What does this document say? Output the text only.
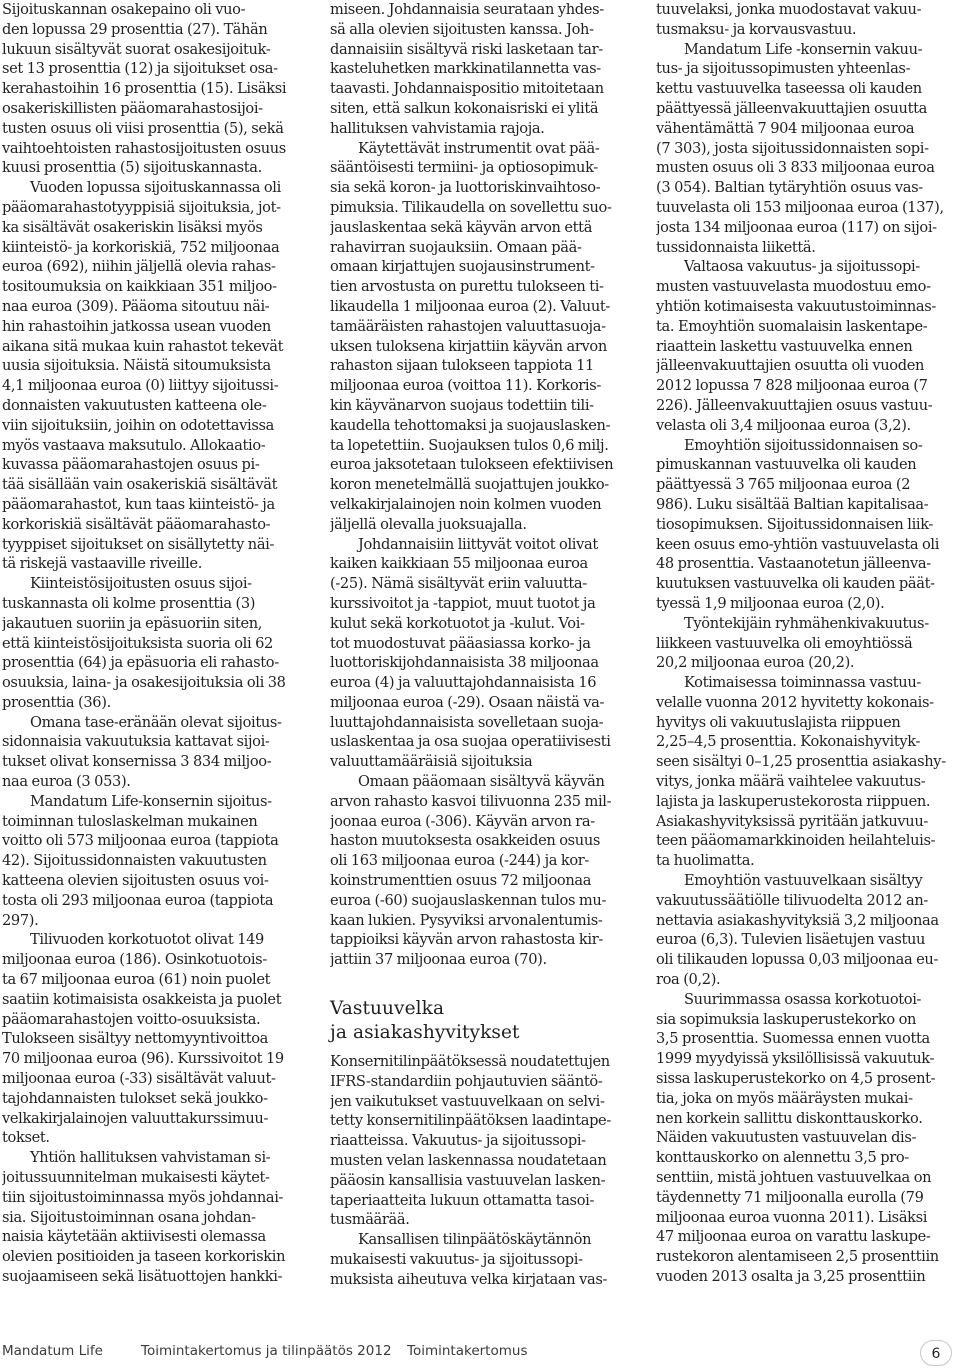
Sijoituskannan osakepaino oli vuo-
den lopussa 29 prosenttia (27). Tähän
lukuun sisältyvät suorat osakesijoituk-
set 13 prosenttia (12) ja sijoitukset osa-
kerahastoihin 16 prosenttia (15). Lisäksi
osakeriskillisten pääomarahastosijoi-
tusten osuus oli viisi prosenttia (5), sekä
vaihtoehtoisten rahastosijoitusten osuus
kuusi prosenttia (5) sijoituskannasta.

Vuoden lopussa sijoituskannassa oli
pääomarahastotyyppisiä sijoituksia, jot-
ka sisältävät osakeriskin lisäksi myös
kiinteistö- ja korkoriskiä, 752 miljoonaa
euroa (692), niihin jäljellä olevia rahas-
tositoumuksia on kaikkiaan 351 miljoo-
naa euroa (309). Pääoma sitoutuu näi-
hin rahastoihin jatkossa usean vuoden
aikana sitä mukaa kuin rahastot tekevät
uusia sijoituksia. Näistä sitoumuksista
4,1 miljoonaa euroa (0) liittyy sijoitussi-
donnaisten vakuutusten katteena ole-
viin sijoituksiin, joihin on odotettavissa
myös vastaava maksutulo. Allokaatio-
kuvassa pääomarahastojen osuus pi-
tää sisällään vain osakeriskiä sisältävät
pääomarahastot, kun taas kiinteistö- ja
korkoriskiä sisältävät pääomarahasto-
tyyppiset sijoitukset on sisällytetty näi-
tä riskejä vastaaville riveille.

Kiinteistösijoitusten osuus sijoi-
tuskannasta oli kolme prosenttia (3)
jakautuen suoriin ja epäsuoriin siten,
että kiinteistösijoituksista suoria oli 62
prosenttia (64) ja epäsuoria eli rahasto-
osuuksia, laina- ja osakesijoituksia oli 38
prosenttia (36).

Omana tase-eränään olevat sijoitus-
sidonnaisia vakuutuksia kattavat sijoi-
tukset olivat konsernissa 3 834 miljoo-
naa euroa (3 053).

Mandatum Life-konsernin sijoitus-
toiminnan tuloslaskelman mukainen
voitto oli 573 miljoonaa euroa (tappiota
42). Sijoitussidonnaisten vakuutusten
katteena olevien sijoitusten osuus voi-
tosta oli 293 miljoonaa euroa (tappiota
297).

Tilivuoden korkotuotot olivat 149
miljoonaa euroa (186). Osinkotuotois-
ta 67 miljoonaa euroa (61) noin puolet
saatiin kotimaisista osakkeista ja puolet
pääomarahastojen voitto-osuuksista.
Tulokseen sisältyy nettomyyntivoittoa
70 miljoonaa euroa (96). Kurssivoitot 19
miljoonaa euroa (-33) sisältävät valuut-
tajohdannaisten tulokset sekä joukko-
velkakirjalainojen valuuttakurssimuu-
tokset.

Yhtiön hallituksen vahvistaman si-
joitussuunnitelman mukaisesti käytet-
tiin sijoitustoiminnassa myös johdannai-
sia. Sijoitustoiminnan osana johdan-
naisia käytetään aktiivisesti olemassa
olevien positioiden ja taseen korkoriskin
suojaamiseen sekä lisätuottojen hankki-

miseen. Johdannaisia seurataan yhdes-
sä alla olevien sijoitusten kanssa. Joh-
dannaisiin sisältyvä riski lasketaan tar-
kasteluhetken markkinatilannetta vas-
taavasti. Johdannaispositio mitoitetaan
siten, että salkun kokonaisriski ei ylitä
hallituksen vahvistamia rajoja.

Käytettävät instrumentit ovat pää-
sääntöisesti termiini- ja optiosopimuk-
sia sekä koron- ja luottoriskinvaihtoso-
pimuksia. Tilikaudella on sovellettu suo-
jauslaskentaa sekä käyvän arvon että
rahavirran suojauksiin. Omaan pää-
omaan kirjattujen suojausinstrument-
tien arvostusta on purettu tulokseen ti-
likaudella 1 miljoonaa euroa (2). Valuut-
tamääräisten rahastojen valuuttasuoja-
uksen tuloksena kirjattiin käyvän arvon
rahaston sijaan tulokseen tappiota 11
miljoonaa euroa (voittoa 11). Korkoris-
kin käyvänarvon suojaus todettiin tili-
kaudella tehottomaksi ja suojauslasken-
ta lopetettiin. Suojauksen tulos 0,6 milj.
euroa jaksotetaan tulokseen efektiivisen
koron menetelmällä suojattujen joukko-
velkakirjalainojen noin kolmen vuoden
jäljellä olevalla juoksuajalla.

Johdannaisiin liittyvät voitot olivat
kaiken kaikkiaan 55 miljoonaa euroa
(-25). Nämä sisältyvät eriin valuutta-
kurssivoitot ja -tappiot, muut tuotot ja
kulut sekä korkotuotot ja -kulut. Voi-
tot muodostuvat pääasiassa korko- ja
luottoriskijohdannaisista 38 miljoonaa
euroa (4) ja valuuttajohdannaisista 16
miljoonaa euroa (-29). Osaan näistä va-
luuttajohdannaisista sovelletaan suoja-
uslaskentaa ja osa suojaa operatiivisesti
valuuttamääräisiä sijoituksia

Omaan pääomaan sisältyvä käyvän
arvon rahasto kasvoi tilivuonna 235 mil-
joonaa euroa (-306). Käyvän arvon ra-
haston muutoksesta osakkeiden osuus
oli 163 miljoonaa euroa (-244) ja kor-
koinstrumenttien osuus 72 miljoonaa
euroa (-60) suojauslaskennan tulos mu-
kaan lukien. Pysyviksi arvonalentumis-
tappioiksi käyvän arvon rahastosta kir-
jattiin 37 miljoonaa euroa (70).

Vastuuvelka
ja asiakashyvitykset

Konsernitilinpäätöksessä noudatettujen
IFRS-standardiin pohjautuvien sääntö-
jen vaikutukset vastuuvelkaan on selvi-
tetty konsernitilinpäätöksen laadintape-
riaatteissa. Vakuutus- ja sijoitussopi-
musten velan laskennassa noudatetaan
pääosin kansallisia vastuuvelan lasken-
taperiaatteita lukuun ottamatta tasoi-
tusmäärää.

Kansallisen tilinpäätöskäytännön
mukaisesti vakuutus- ja sijoitussopi-
muksista aiheutuva velka kirjataan vas-

tuuvelaksi, jonka muodostavat vakuu-
tusmaksu- ja korvausvastuu.

Mandatum Life -konsernin vakuu-
tus- ja sijoitussopimusten yhteenlas-
kettu vastuuvelka taseessa oli kauden
päättyessä jälleenvakuuttajien osuutta
vähentämättä 7 904 miljoonaa euroa
(7 303), josta sijoitussidonnaisten sopi-
musten osuus oli 3 833 miljoonaa euroa
(3 054). Baltian tytäryhtiön osuus vas-
tuuvelasta oli 153 miljoonaa euroa (137),
josta 134 miljoonaa euroa (117) on sijoi-
tussidonnaista liikettä.

Valtaosa vakuutus- ja sijoitussopi-
musten vastuuvelasta muodostuu emo-
yhtiön kotimaisesta vakuutustoiminnas-
ta. Emoyhtiön suomalaisin laskentape-
riaattein laskettu vastuuvelka ennen
jälleenvakuuttajien osuutta oli vuoden
2012 lopussa 7 828 miljoonaa euroa (7
226). Jälleenvakuuttajien osuus vastuu-
velasta oli 3,4 miljoonaa euroa (3,2).

Emoyhtiön sijoitussidonnaisen so-
pimuskannan vastuuvelka oli kauden
päättyessä 3 765 miljoonaa euroa (2
986). Luku sisältää Baltian kapitalisaa-
tiosopimuksen. Sijoitussidonnaisen liik-
keen osuus emo-yhtiön vastuuvelasta oli
48 prosenttia. Vastaanotetun jälleenva-
kuutuksen vastuuvelka oli kauden päät-
tyessä 1,9 miljoonaa euroa (2,0).

Työntekijäin ryhmähenkivakuutus-
liikkeen vastuuvelka oli emoyhtiössä
20,2 miljoonaa euroa (20,2).

Kotimaisessa toiminnassa vastuu-
velalle vuonna 2012 hyvitetty kokonais-
hyvitys oli vakuutuslajista riippuen
2,25–4,5 prosenttia. Kokonaishyvityk-
seen sisältyi 0–1,25 prosenttia asiakashy-
vitys, jonka määrä vaihtelee vakuutus-
lajista ja laskuperustekorosta riippuen.
Asiakashyvityksissä pyritään jatkuvuu-
teen pääomamarkkinoiden heilahteluis-
ta huolimatta.

Emoyhtiön vastuuvelkaan sisältyy
vakuutussäätiölle tilivuodelta 2012 an-
nettavia asiakashyvityksiä 3,2 miljoonaa
euroa (6,3). Tulevien lisäetujen vastuu
oli tilikauden lopussa 0,03 miljoonaa eu-
roa (0,2).

Suurimmassa osassa korkotuotoi-
sia sopimuksia laskuperustekorko on
3,5 prosenttia. Suomessa ennen vuotta
1999 myydyissä yksilöllisissä vakuutuk-
sissa laskuperustekorko on 4,5 prosent-
tia, joka on myös määräysten mukai-
nen korkein sallittu diskonttauskorko.
Näiden vakuutusten vastuuvelan dis-
konttauskorko on alennettu 3,5 pro-
senttiin, mistä johtuen vastuuvelkaa on
täydennetty 71 miljoonalla eurolla (79
miljoonaa euroa vuonna 2011). Lisäksi
47 miljoonaa euroa on varattu laskupe-
rustekoron alentamiseen 2,5 prosenttiin
vuoden 2013 osalta ja 3,25 prosenttiin

Mandatum Life	Toimintakertomus ja tilinpäätös 2012 Toimintakertomus	6
